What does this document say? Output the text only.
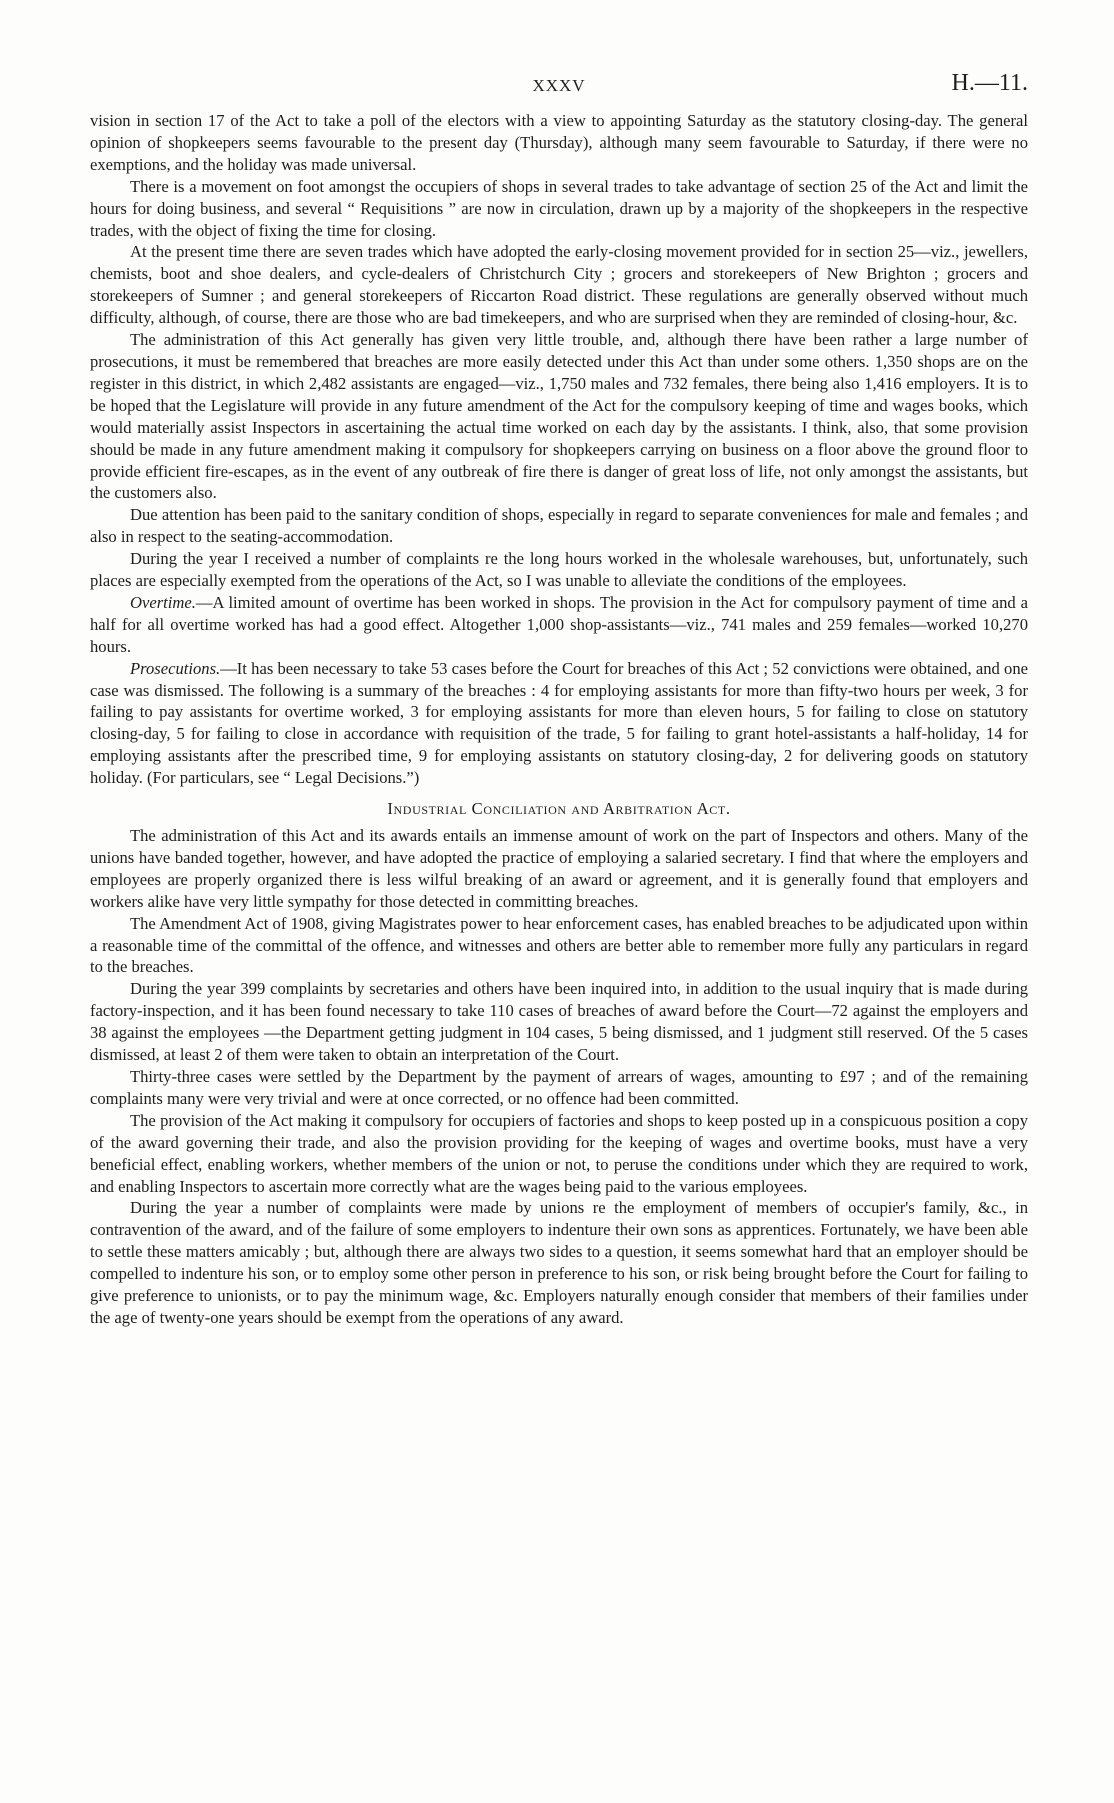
XXXV	H.—11.

vision in section 17 of the Act to take a poll of the electors with a view to appointing Saturday as the statutory closing-day. The general opinion of shopkeepers seems favourable to the present day (Thursday), although many seem favourable to Saturday, if there were no exemptions, and the holiday was made universal.

There is a movement on foot amongst the occupiers of shops in several trades to take advantage of section 25 of the Act and limit the hours for doing business, and several “ Requisitions ” are now in circulation, drawn up by a majority of the shopkeepers in the respective trades, with the object of fixing the time for closing.

At the present time there are seven trades which have adopted the early-closing movement provided for in section 25—viz., jewellers, chemists, boot and shoe dealers, and cycle-dealers of Christchurch City ; grocers and storekeepers of New Brighton ; grocers and storekeepers of Sumner ; and general storekeepers of Riccarton Road district. These regulations are generally observed without much difficulty, although, of course, there are those who are bad timekeepers, and who are surprised when they are reminded of closing-hour, &c.

The administration of this Act generally has given very little trouble, and, although there have been rather a large number of prosecutions, it must be remembered that breaches are more easily detected under this Act than under some others. 1,350 shops are on the register in this district, in which 2,482 assistants are engaged—viz., 1,750 males and 732 females, there being also 1,416 employers. It is to be hoped that the Legislature will provide in any future amendment of the Act for the compulsory keeping of time and wages books, which would materially assist Inspectors in ascertaining the actual time worked on each day by the assistants. I think, also, that some provision should be made in any future amendment making it compulsory for shopkeepers carrying on business on a floor above the ground floor to provide efficient fire-escapes, as in the event of any outbreak of fire there is danger of great loss of life, not only amongst the assistants, but the customers also.

Due attention has been paid to the sanitary condition of shops, especially in regard to separate conveniences for male and females ; and also in respect to the seating-accommodation.

During the year I received a number of complaints re the long hours worked in the wholesale warehouses, but, unfortunately, such places are especially exempted from the operations of the Act, so I was unable to alleviate the conditions of the employees.

Overtime.—A limited amount of overtime has been worked in shops. The provision in the Act for compulsory payment of time and a half for all overtime worked has had a good effect. Altogether 1,000 shop-assistants—viz., 741 males and 259 females—worked 10,270 hours.

Prosecutions.—It has been necessary to take 53 cases before the Court for breaches of this Act ; 52 convictions were obtained, and one case was dismissed. The following is a summary of the breaches : 4 for employing assistants for more than fifty-two hours per week, 3 for failing to pay assistants for overtime worked, 3 for employing assistants for more than eleven hours, 5 for failing to close on statutory closing-day, 5 for failing to close in accordance with requisition of the trade, 5 for failing to grant hotel-assistants a half-holiday, 14 for employing assistants after the prescribed time, 9 for employing assistants on statutory closing-day, 2 for delivering goods on statutory holiday. (For particulars, see “ Legal Decisions.”)

Industrial Conciliation and Arbitration Act.

The administration of this Act and its awards entails an immense amount of work on the part of Inspectors and others. Many of the unions have banded together, however, and have adopted the practice of employing a salaried secretary. I find that where the employers and employees are properly organized there is less wilful breaking of an award or agreement, and it is generally found that employers and workers alike have very little sympathy for those detected in committing breaches.

The Amendment Act of 1908, giving Magistrates power to hear enforcement cases, has enabled breaches to be adjudicated upon within a reasonable time of the committal of the offence, and witnesses and others are better able to remember more fully any particulars in regard to the breaches.

During the year 399 complaints by secretaries and others have been inquired into, in addition to the usual inquiry that is made during factory-inspection, and it has been found necessary to take 110 cases of breaches of award before the Court—72 against the employers and 38 against the employees —the Department getting judgment in 104 cases, 5 being dismissed, and 1 judgment still reserved. Of the 5 cases dismissed, at least 2 of them were taken to obtain an interpretation of the Court.

Thirty-three cases were settled by the Department by the payment of arrears of wages, amounting to £97 ; and of the remaining complaints many were very trivial and were at once corrected, or no offence had been committed.

The provision of the Act making it compulsory for occupiers of factories and shops to keep posted up in a conspicuous position a copy of the award governing their trade, and also the provision providing for the keeping of wages and overtime books, must have a very beneficial effect, enabling workers, whether members of the union or not, to peruse the conditions under which they are required to work, and enabling Inspectors to ascertain more correctly what are the wages being paid to the various employees.

During the year a number of complaints were made by unions re the employment of members of occupier's family, &c., in contravention of the award, and of the failure of some employers to indenture their own sons as apprentices. Fortunately, we have been able to settle these matters amicably ; but, although there are always two sides to a question, it seems somewhat hard that an employer should be compelled to indenture his son, or to employ some other person in preference to his son, or risk being brought before the Court for failing to give preference to unionists, or to pay the minimum wage, &c. Employers naturally enough consider that members of their families under the age of twenty-one years should be exempt from the operations of any award.
